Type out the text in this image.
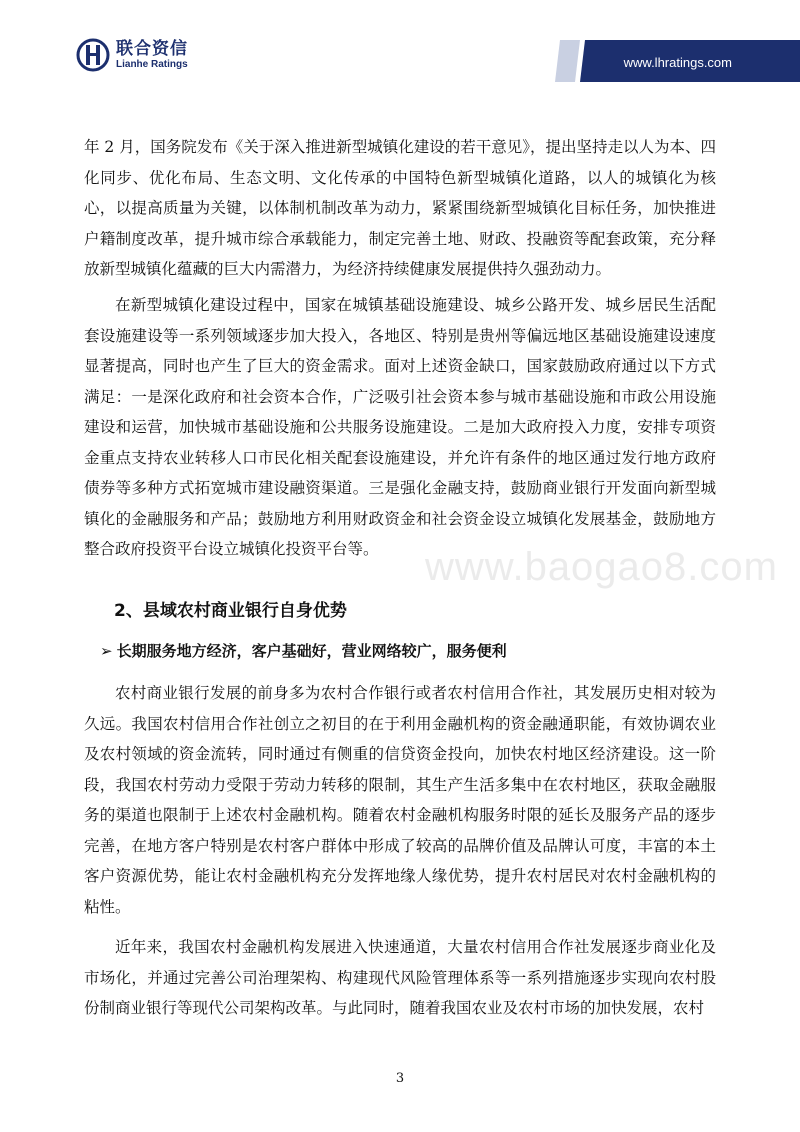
联合资信
Lianhe Ratings	www.lhratings.com
www.baogao8.com

年 2 月，国务院发布《关于深入推进新型城镇化建设的若干意见》，提出坚持走以人为本、四化同步、优化布局、生态文明、文化传承的中国特色新型城镇化道路，以人的城镇化为核心，以提高质量为关键，以体制机制改革为动力，紧紧围绕新型城镇化目标任务，加快推进户籍制度改革，提升城市综合承载能力，制定完善土地、财政、投融资等配套政策，充分释放新型城镇化蕴藏的巨大内需潜力，为经济持续健康发展提供持久强劲动力。

在新型城镇化建设过程中，国家在城镇基础设施建设、城乡公路开发、城乡居民生活配套设施建设等一系列领域逐步加大投入，各地区、特别是贵州等偏远地区基础设施建设速度显著提高，同时也产生了巨大的资金需求。面对上述资金缺口，国家鼓励政府通过以下方式满足：一是深化政府和社会资本合作，广泛吸引社会资本参与城市基础设施和市政公用设施建设和运营，加快城市基础设施和公共服务设施建设。二是加大政府投入力度，安排专项资金重点支持农业转移人口市民化相关配套设施建设，并允许有条件的地区通过发行地方政府债券等多种方式拓宽城市建设融资渠道。三是强化金融支持，鼓励商业银行开发面向新型城镇化的金融服务和产品；鼓励地方利用财政资金和社会资金设立城镇化发展基金，鼓励地方整合政府投资平台设立城镇化投资平台等。

2、县域农村商业银行自身优势

➢ 长期服务地方经济，客户基础好，营业网络较广，服务便利

农村商业银行发展的前身多为农村合作银行或者农村信用合作社，其发展历史相对较为久远。我国农村信用合作社创立之初目的在于利用金融机构的资金融通职能，有效协调农业及农村领域的资金流转，同时通过有侧重的信贷资金投向，加快农村地区经济建设。这一阶段，我国农村劳动力受限于劳动力转移的限制，其生产生活多集中在农村地区，获取金融服务的渠道也限制于上述农村金融机构。随着农村金融机构服务时限的延长及服务产品的逐步完善，在地方客户特别是农村客户群体中形成了较高的品牌价值及品牌认可度，丰富的本土客户资源优势，能让农村金融机构充分发挥地缘人缘优势，提升农村居民对农村金融机构的粘性。

近年来，我国农村金融机构发展进入快速通道，大量农村信用合作社发展逐步商业化及市场化，并通过完善公司治理架构、构建现代风险管理体系等一系列措施逐步实现向农村股份制商业银行等现代公司架构改革。与此同时，随着我国农业及农村市场的加快发展，农村

3
